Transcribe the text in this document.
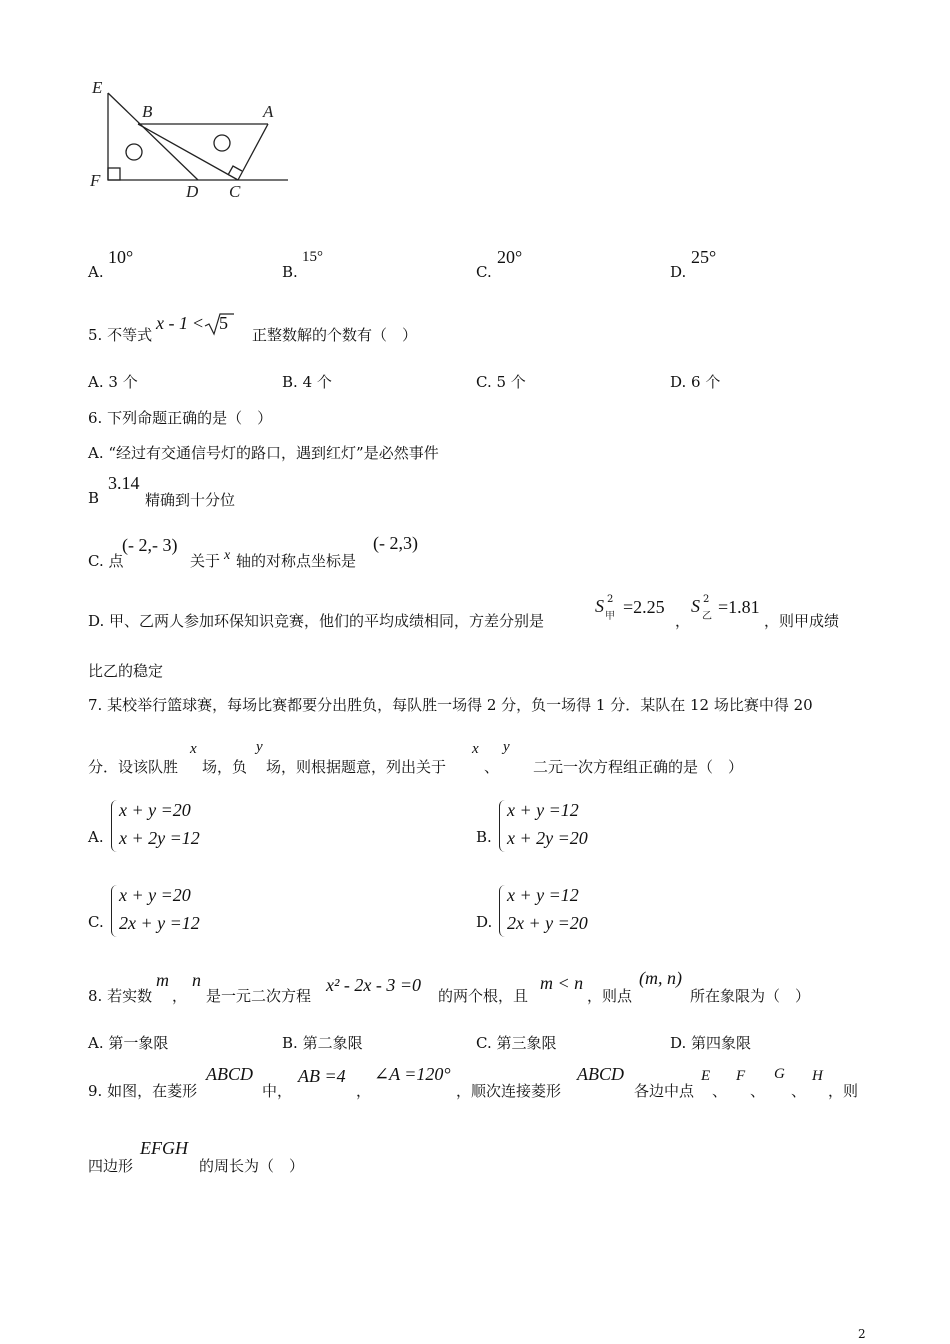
E
B	A
F
D C
A.
10°
B.
15°
C.
20°
D.
25°
5. 不等式
x - 1 < 5
正整数解的个数有（　）
A. 3 个	B. 4 个	C. 5 个	D. 6 个
6. 下列命题正确的是（　）
A. “经过有交通信号灯的路口，遇到红灯”是必然事件
B
3.14
精确到十分位
C. 点
(- 2,- 3)
关于 x 轴的对称点坐标是
(- 2,3)
D. 甲、乙两人参加环保知识竞赛，他们的平均成绩相同，方差分别是
S 2
甲 =2.25
，
S 2
乙 =1.81
，则甲成绩
比乙的稳定
7. 某校举行篮球赛，每场比赛都要分出胜负，每队胜一场得 2 分，负一场得 1 分．某队在 12 场比赛中得 20
分．设该队胜
x
场，负
y
场，则根据题意，列出关于
x
、
y
二元一次方程组正确的是（　）
A.
x + y =20
x + 2y =12	B.
x + y =12
x + 2y =20
C.
x + y =20
2x + y =12	D.
x + y =12
2x + y =20
8. 若实数
m
，
n
是一元二次方程
x² - 2x - 3 =0
的两个根，且
m < n
，则点
(m, n)
所在象限为（　）
A. 第一象限	B. 第二象限	C. 第三象限	D. 第四象限
9. 如图，在菱形
ABCD
中，
AB =4
，
∠A =120°
，顺次连接菱形
ABCD
各边中点
E
、
F
、
G
、
H
，则
四边形
EFGH
的周长为（　）
2
